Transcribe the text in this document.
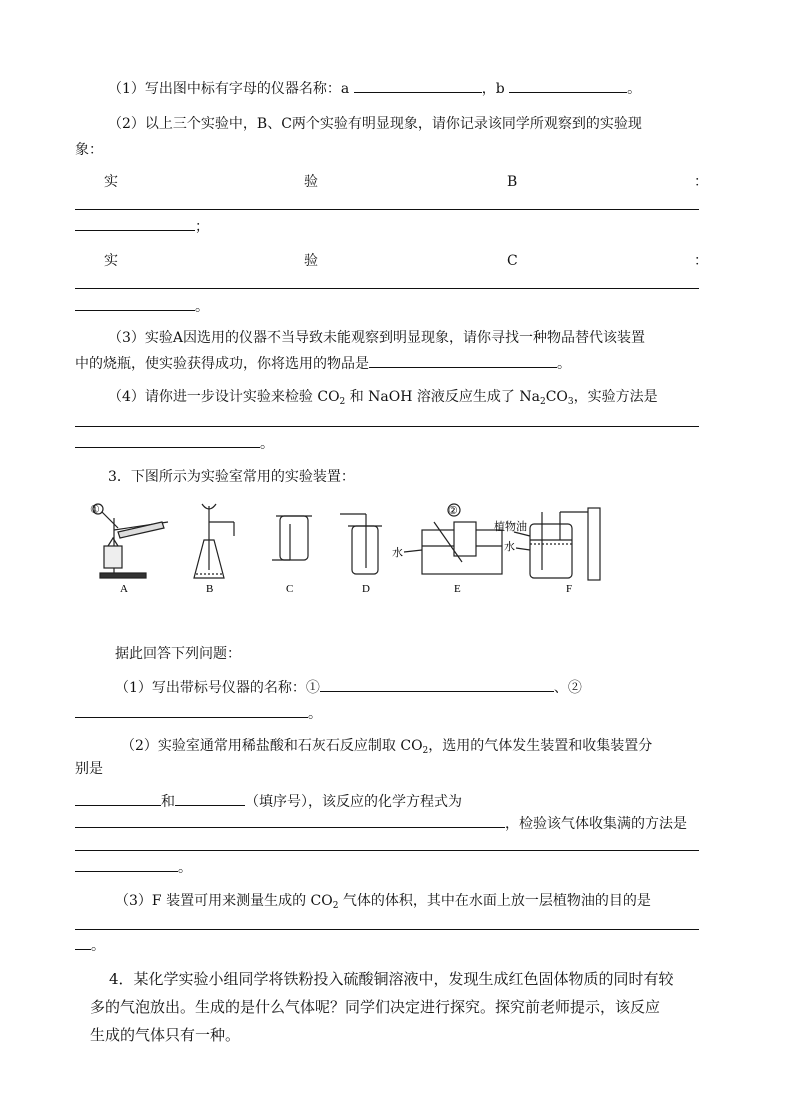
（1）写出图中标有字母的仪器名称：a	，b	。
（2）以上三个实验中，B、C两个实验有明显现象，请你记录该同学所观察到的实验现
象：
实	验	B	：
；
实	验	C	：
。
（3）实验A因选用的仪器不当导致未能观察到明显现象，请你寻找一种物品替代该装置
中的烧瓶，使实验获得成功，你将选用的物品是	。
（4）请你进一步设计实验来检验 $CO_2$ 和 NaOH 溶液反应生成了 $Na_2CO_3$，实验方法是
。
3．下图所示为实验室常用的实验装置：
A	B	C	D	E	F
①	②
水
植物油
水
据此回答下列问题：
（1）写出带标号仪器的名称：①	、②
。
（2）实验室通常用稀盐酸和石灰石反应制取 $CO_2$，选用的气体发生装置和收集装置分
别是
和	（填序号），该反应的化学方程式为
，检验该气体收集满的方法是
。
（3）F 装置可用来测量生成的 $CO_2$ 气体的体积，其中在水面上放一层植物油的目的是
。
4．某化学实验小组同学将铁粉投入硫酸铜溶液中，发现生成红色固体物质的同时有较
多的气泡放出。生成的是什么气体呢？同学们决定进行探究。探究前老师提示，该反应
生成的气体只有一种。
